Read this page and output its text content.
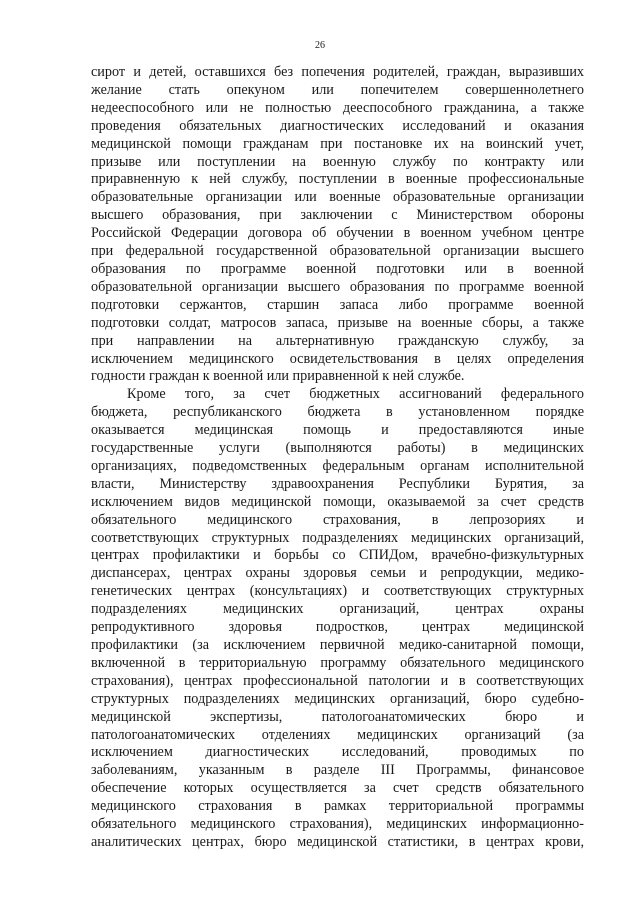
26
сирот и детей, оставшихся без попечения родителей, граждан, выразивших
желание стать опекуном или попечителем совершеннолетнего
недееспособного или не полностью дееспособного гражданина, а также
проведения обязательных диагностических исследований и оказания
медицинской помощи гражданам при постановке их на воинский учет,
призыве или поступлении на военную службу по контракту или
приравненную к ней службу, поступлении в военные профессиональные
образовательные организации или военные образовательные организации
высшего образования, при заключении с Министерством обороны
Российской Федерации договора об обучении в военном учебном центре
при федеральной государственной образовательной организации высшего
образования по программе военной подготовки или в военной
образовательной организации высшего образования по программе военной
подготовки сержантов, старшин запаса либо программе военной
подготовки солдат, матросов запаса, призыве на военные сборы, а также
при направлении на альтернативную гражданскую службу, за
исключением медицинского освидетельствования в целях определения
годности граждан к военной или приравненной к ней службе.
Кроме того, за счет бюджетных ассигнований федерального
бюджета, республиканского бюджета в установленном порядке
оказывается медицинская помощь и предоставляются иные
государственные услуги (выполняются работы) в медицинских
организациях, подведомственных федеральным органам исполнительной
власти, Министерству здравоохранения Республики Бурятия, за
исключением видов медицинской помощи, оказываемой за счет средств
обязательного медицинского страхования, в лепрозориях и
соответствующих структурных подразделениях медицинских организаций,
центрах профилактики и борьбы со СПИДом, врачебно-физкультурных
диспансерах, центрах охраны здоровья семьи и репродукции, медико-
генетических центрах (консультациях) и соответствующих структурных
подразделениях медицинских организаций, центрах охраны
репродуктивного здоровья подростков, центрах медицинской
профилактики (за исключением первичной медико-санитарной помощи,
включенной в территориальную программу обязательного медицинского
страхования), центрах профессиональной патологии и в соответствующих
структурных подразделениях медицинских организаций, бюро судебно-
медицинской экспертизы, патологоанатомических бюро и
патологоанатомических отделениях медицинских организаций (за
исключением диагностических исследований, проводимых по
заболеваниям, указанным в разделе III Программы, финансовое
обеспечение которых осуществляется за счет средств обязательного
медицинского страхования в рамках территориальной программы
обязательного медицинского страхования), медицинских информационно-
аналитических центрах, бюро медицинской статистики, в центрах крови,
